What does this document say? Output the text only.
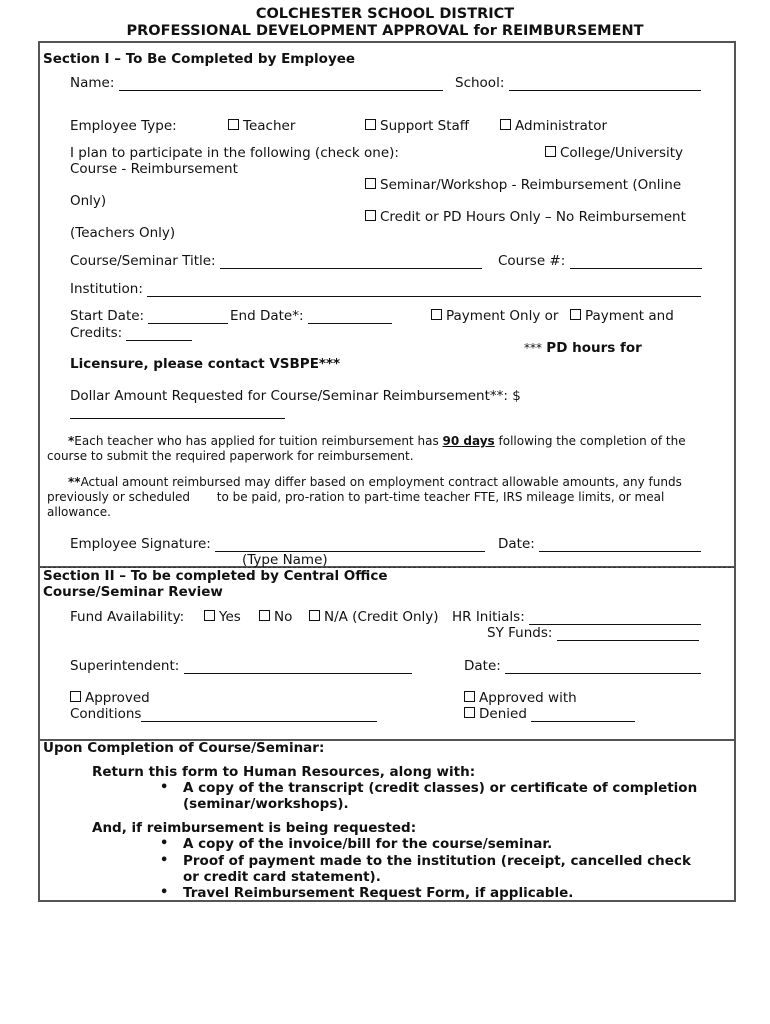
COLCHESTER SCHOOL DISTRICT
PROFESSIONAL DEVELOPMENT APPROVAL for REIMBURSEMENT
Section I – To Be Completed by Employee
Name:	School:
Employee Type:	Teacher	Support Staff	Administrator
I plan to participate in the following (check one):	College/University
Course - Reimbursement
Seminar/Workshop - Reimbursement (Online
Only)
Credit or PD Hours Only – No Reimbursement
(Teachers Only)
Course/Seminar Title:	Course #:
Institution:
Start Date:	End Date*:	Payment Only or	Payment and
Credits:
*** PD hours for
Licensure, please contact VSBPE***
Dollar Amount Requested for Course/Seminar Reimbursement**: $
*Each teacher who has applied for tuition reimbursement has 90 days following the completion of the
course to submit the required paperwork for reimbursement.
**Actual amount reimbursed may differ based on employment contract allowable amounts, any funds
previously or scheduled       to be paid, pro-ration to part-time teacher FTE, IRS mileage limits, or meal
allowance.
Employee Signature:	Date:
(Type Name)
Section II – To be completed by Central Office
Course/Seminar Review
Fund Availability:	Yes	No	N/A (Credit Only) HR Initials:
SY Funds:
Superintendent:	Date:
Approved	Approved with
Conditions	Denied
Upon Completion of Course/Seminar:
Return this form to Human Resources, along with:
• A copy of the transcript (credit classes) or certificate of completion
(seminar/workshops).
And, if reimbursement is being requested:
• A copy of the invoice/bill for the course/seminar.
• Proof of payment made to the institution (receipt, cancelled check
or credit card statement).
• Travel Reimbursement Request Form, if applicable.
